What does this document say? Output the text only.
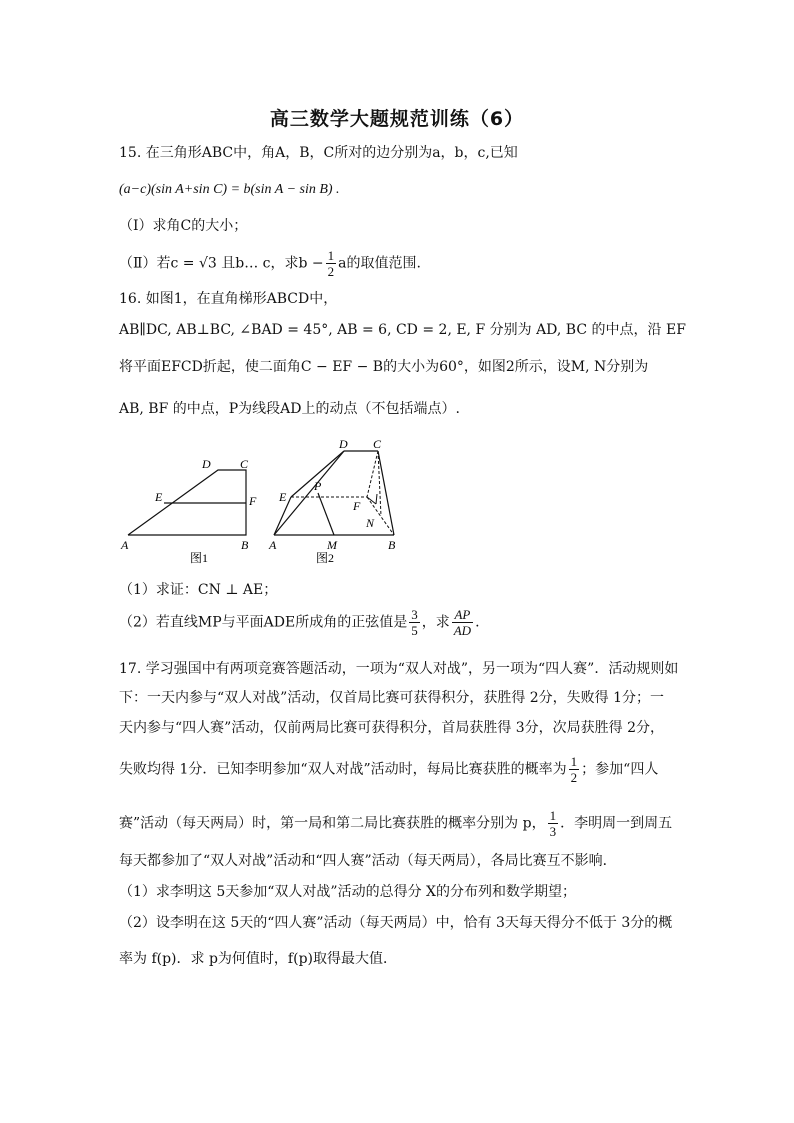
高三数学大题规范训练（6）
15. 在三角形ABC中，角A，B，C所对的边分别为a，b，c,已知
(a−c)(sin A+sin C) = b(sin A − sin B) .
（Ⅰ）求角C的大小；
（Ⅱ）若c = √3 且b… c，求$b - \frac{1}{2}$ a的取值范围.
16. 如图1，在直角梯形ABCD中，
AB∥DC, AB⊥BC, ∠BAD = 45°, AB = 6, CD = 2, E, F 分别为 AD, BC 的中点，沿 EF
将平面EFCD折起，使二面角C − EF − B的大小为60°，如图2所示，设M, N分别为
AB, BF 的中点，P为线段AD上的动点（不包括端点）.
D C
E	F
A	B
图1
D C
E
P
F
N
A	M	B
图2
（1）求证：CN ⊥ AE；
（2）若直线MP与平面ADE所成角的正弦值是 $\frac{3}{5}$ ，求 $\frac{AP}{AD}$ .
17. 学习强国中有两项竞赛答题活动，一项为“双人对战”，另一项为“四人赛”．活动规则如
下：一天内参与“双人对战”活动，仅首局比赛可获得积分，获胜得 2分，失败得 1分；一
天内参与“四人赛”活动，仅前两局比赛可获得积分，首局获胜得 3分，次局获胜得 2分，
失败均得 1分．已知李明参加“双人对战”活动时，每局比赛获胜的概率为 $\frac{1}{2}$ ；参加“四人
赛”活动（每天两局）时，第一局和第二局比赛获胜的概率分别为 p， $\frac{1}{3}$ ．李明周一到周五
每天都参加了“双人对战”活动和“四人赛”活动（每天两局），各局比赛互不影响．
（1）求李明这 5天参加“双人对战”活动的总得分 X的分布列和数学期望；
（2）设李明在这 5天的“四人赛”活动（每天两局）中，恰有 3天每天得分不低于 3分的概
率为 f(p)．求 p为何值时，f(p)取得最大值．
